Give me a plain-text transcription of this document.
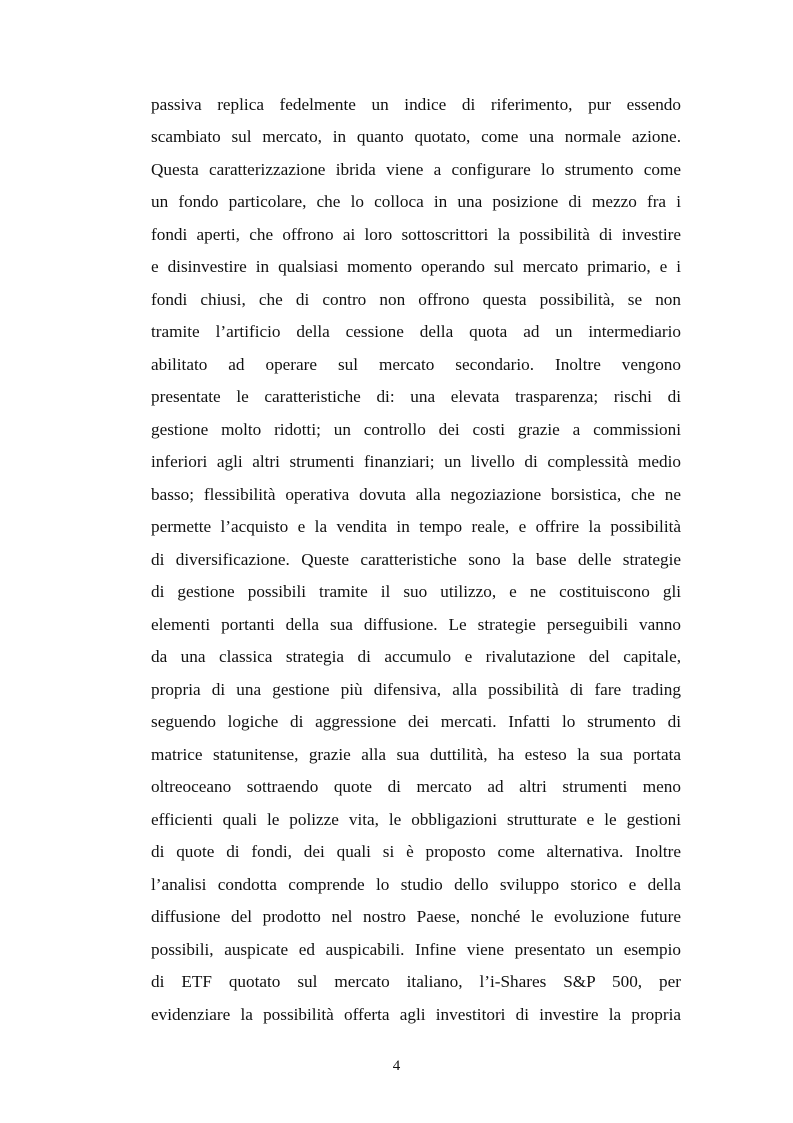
passiva replica fedelmente un indice di riferimento, pur essendo
scambiato sul mercato, in quanto quotato, come una normale azione.
Questa caratterizzazione ibrida viene a configurare lo strumento come
un fondo particolare, che lo colloca in una posizione di mezzo fra i
fondi aperti, che offrono ai loro sottoscrittori la possibilità di investire
e disinvestire in qualsiasi momento operando sul mercato primario, e i
fondi chiusi, che di contro non offrono questa possibilità, se non
tramite l’artificio della cessione della quota ad un intermediario
abilitato ad operare sul mercato secondario. Inoltre vengono
presentate le caratteristiche di: una elevata trasparenza; rischi di
gestione molto ridotti; un controllo dei costi grazie a commissioni
inferiori agli altri strumenti finanziari; un livello di complessità medio
basso; flessibilità operativa dovuta alla negoziazione borsistica, che ne
permette l’acquisto e la vendita in tempo reale, e offrire la possibilità
di diversificazione. Queste caratteristiche sono la base delle strategie
di gestione possibili tramite il suo utilizzo, e ne costituiscono gli
elementi portanti della sua diffusione. Le strategie perseguibili vanno
da una classica strategia di accumulo e rivalutazione del capitale,
propria di una gestione più difensiva, alla possibilità di fare trading
seguendo logiche di aggressione dei mercati. Infatti lo strumento di
matrice statunitense, grazie alla sua duttilità, ha esteso la sua portata
oltreoceano sottraendo quote di mercato ad altri strumenti meno
efficienti quali le polizze vita, le obbligazioni strutturate e le gestioni
di quote di fondi, dei quali si è proposto come alternativa. Inoltre
l’analisi condotta comprende lo studio dello sviluppo storico e della
diffusione del prodotto nel nostro Paese, nonché le evoluzione future
possibili, auspicate ed auspicabili. Infine viene presentato un esempio
di ETF quotato sul mercato italiano, l’i-Shares S&P 500, per
evidenziare la possibilità offerta agli investitori di investire la propria
4
